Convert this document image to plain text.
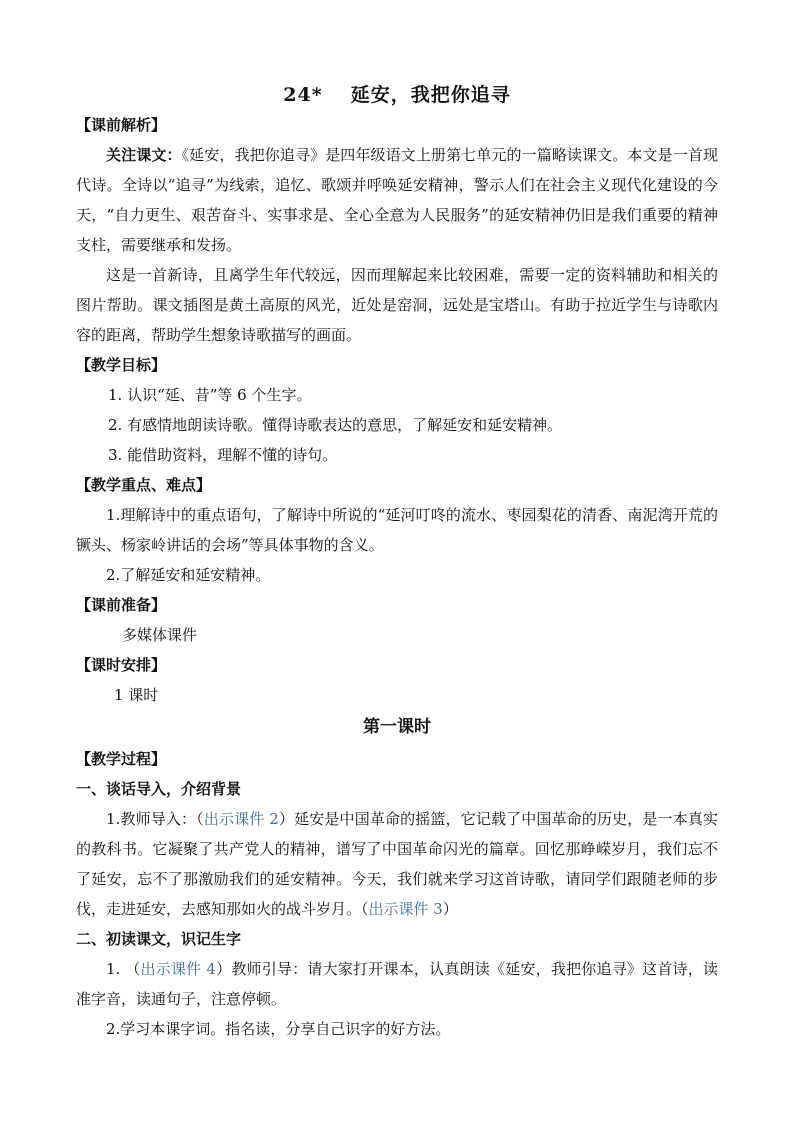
24* 延安，我把你追寻
【课前解析】

关注课文：《延安，我把你追寻》是四年级语文上册第七单元的一篇略读课文。本文是一首现代诗。全诗以“追寻”为线索，追忆、歌颂并呼唤延安精神，警示人们在社会主义现代化建设的今天，“自力更生、艰苦奋斗、实事求是、全心全意为人民服务”的延安精神仍旧是我们重要的精神支柱，需要继承和发扬。

这是一首新诗，且离学生年代较远，因而理解起来比较困难，需要一定的资料辅助和相关的图片帮助。课文插图是黄土高原的风光，近处是窑洞，远处是宝塔山。有助于拉近学生与诗歌内容的距离，帮助学生想象诗歌描写的画面。

【教学目标】
1. 认识“延、昔”等 6 个生字。
2. 有感情地朗读诗歌。懂得诗歌表达的意思，了解延安和延安精神。
3. 能借助资料，理解不懂的诗句。
【教学重点、难点】

1.理解诗中的重点语句，了解诗中所说的“延河叮咚的流水、枣园梨花的清香、南泥湾开荒的镢头、杨家岭讲话的会场”等具体事物的含义。

2.了解延安和延安精神。

【课前准备】
多媒体课件
【课时安排】
1 课时
第一课时
【教学过程】
一、谈话导入，介绍背景

1.教师导入：（出示课件 2）延安是中国革命的摇篮，它记载了中国革命的历史，是一本真实的教科书。它凝聚了共产党人的精神，谱写了中国革命闪光的篇章。回忆那峥嵘岁月，我们忘不了延安，忘不了那激励我们的延安精神。今天，我们就来学习这首诗歌，请同学们跟随老师的步伐，走进延安，去感知那如火的战斗岁月。（出示课件 3）

二、初读课文，识记生字

1. （出示课件 4）教师引导：请大家打开课本，认真朗读《延安，我把你追寻》这首诗，读准字音，读通句子，注意停顿。

2.学习本课字词。指名读，分享自己识字的好方法。
